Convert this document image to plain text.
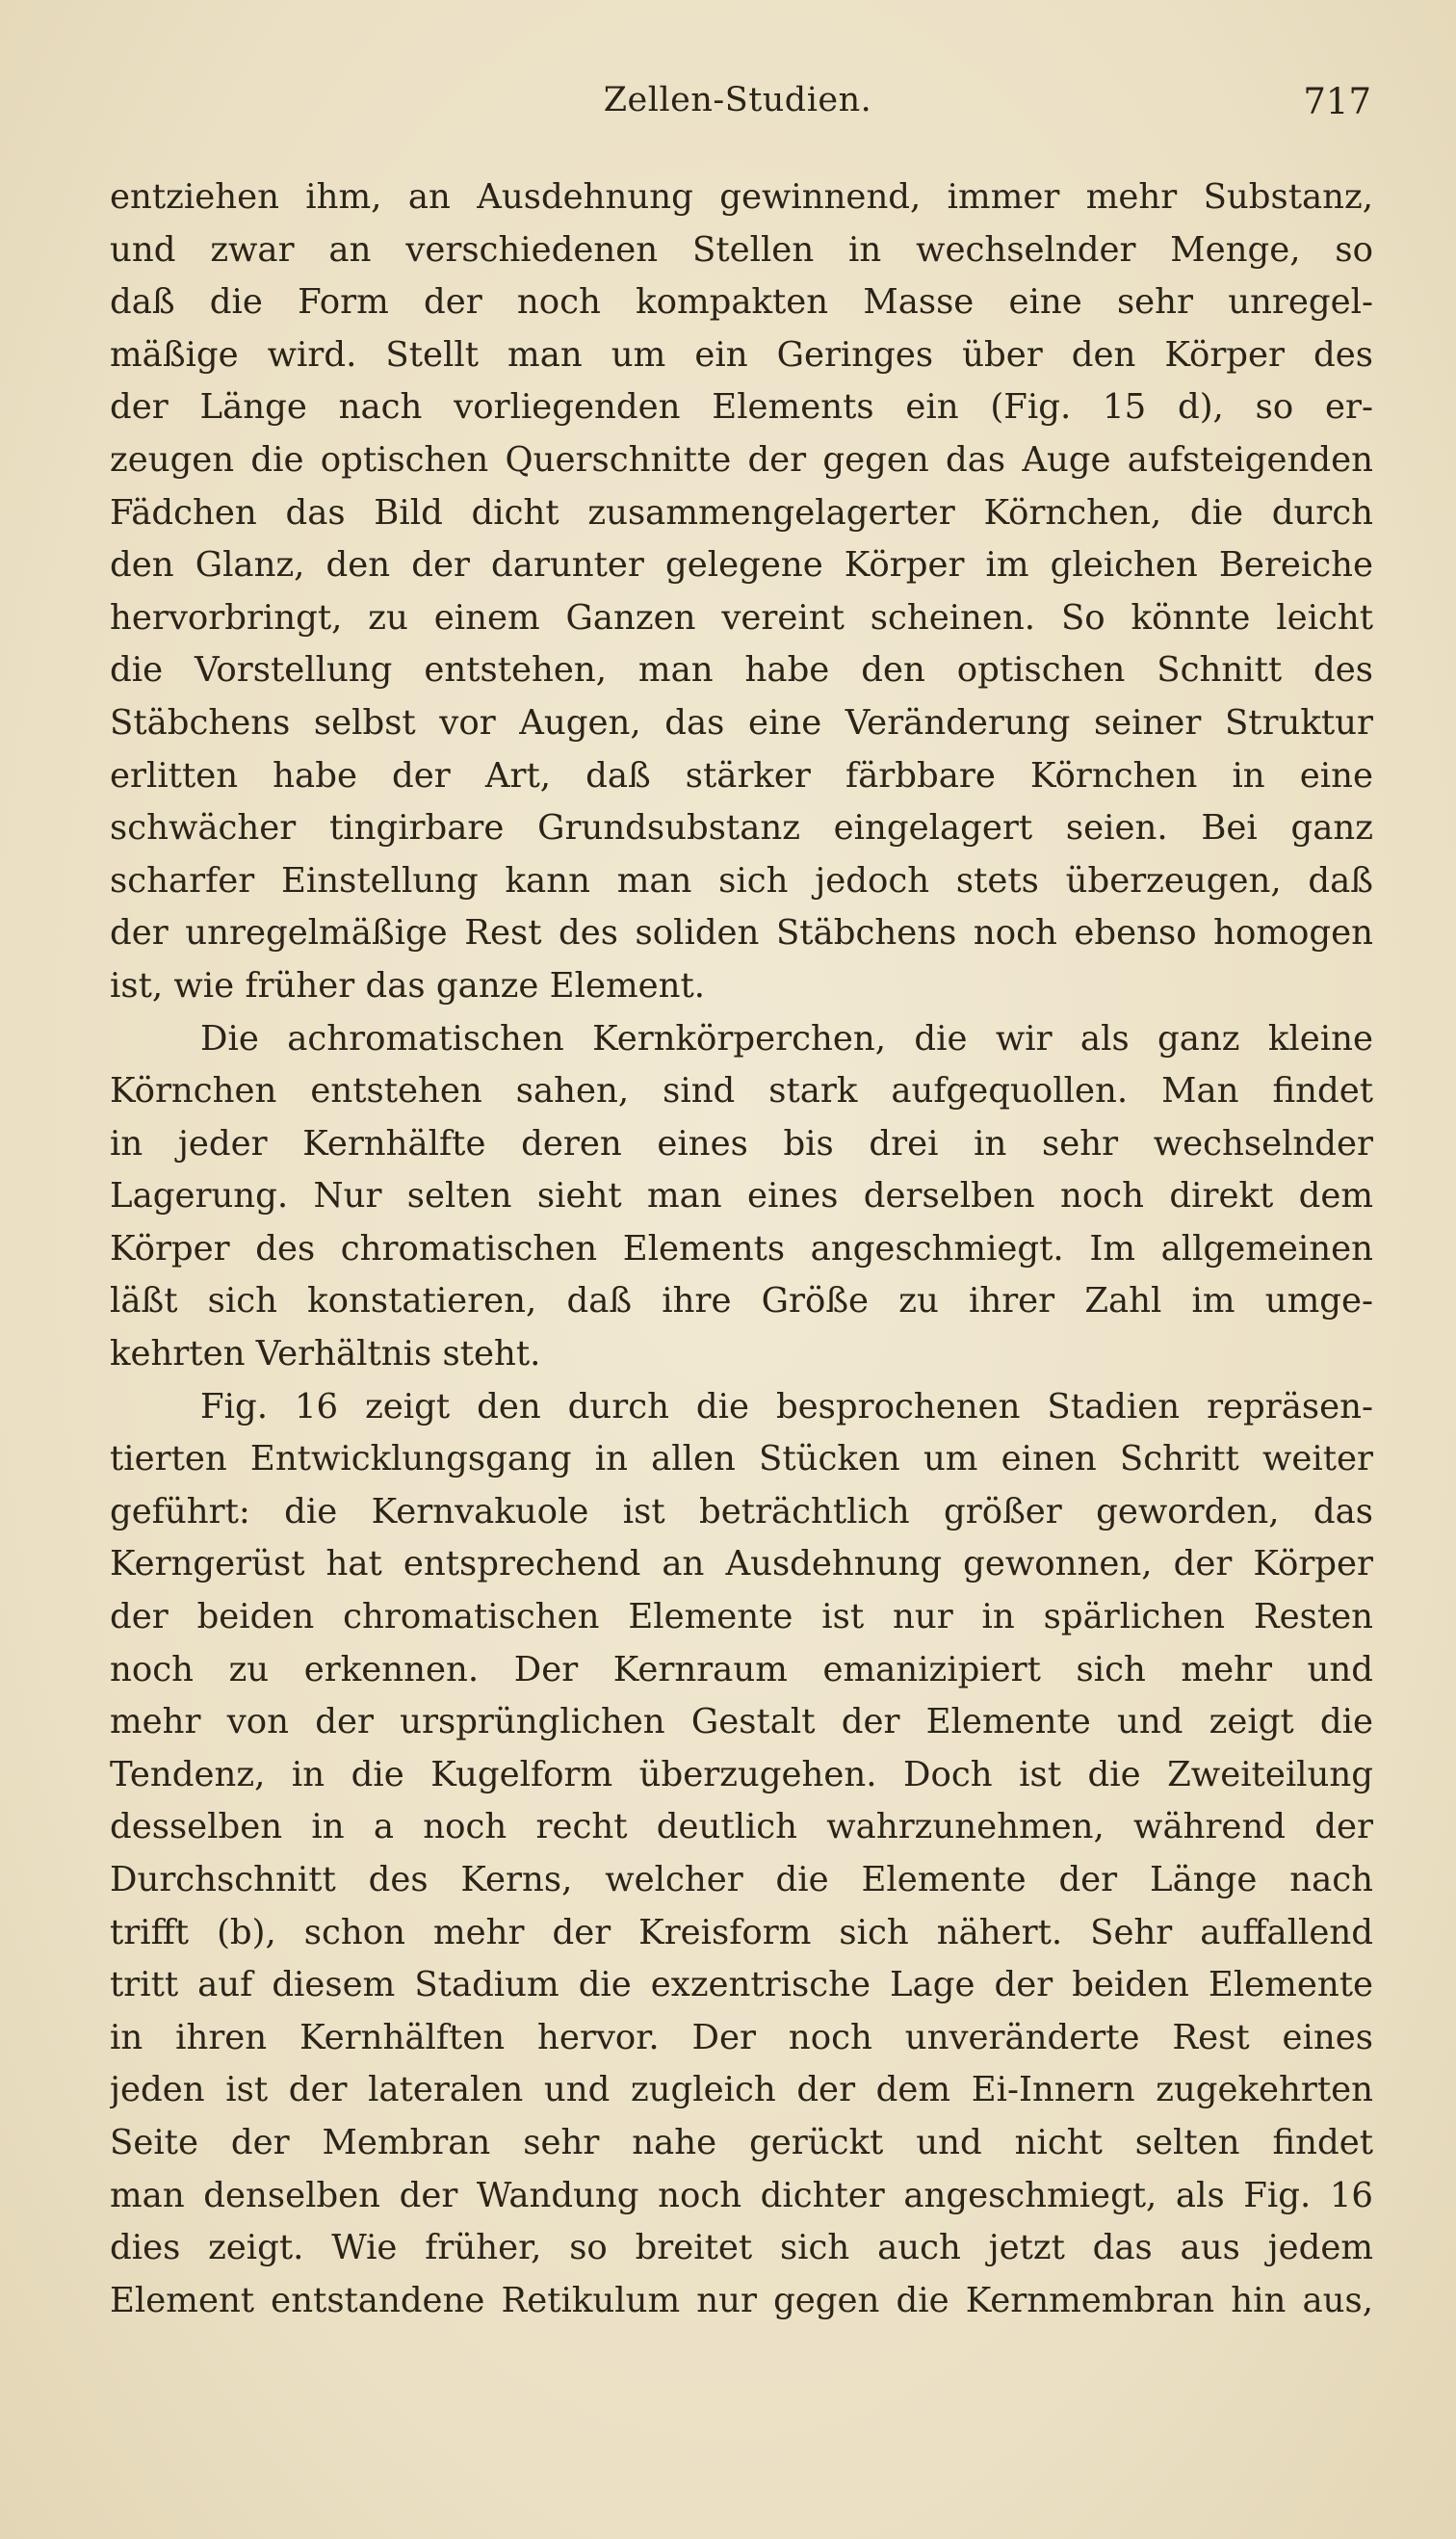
Zellen-Studien.	717
entziehen ihm, an Ausdehnung gewinnend, immer mehr Substanz,
und zwar an verschiedenen Stellen in wechselnder Menge, so
daß die Form der noch kompakten Masse eine sehr unregel-
mäßige wird. Stellt man um ein Geringes über den Körper des
der Länge nach vorliegenden Elements ein (Fig. 15 d), so er-
zeugen die optischen Querschnitte der gegen das Auge aufsteigenden
Fädchen das Bild dicht zusammengelagerter Körnchen, die durch
den Glanz, den der darunter gelegene Körper im gleichen Bereiche
hervorbringt, zu einem Ganzen vereint scheinen. So könnte leicht
die Vorstellung entstehen, man habe den optischen Schnitt des
Stäbchens selbst vor Augen, das eine Veränderung seiner Struktur
erlitten habe der Art, daß stärker färbbare Körnchen in eine
schwächer tingirbare Grundsubstanz eingelagert seien. Bei ganz
scharfer Einstellung kann man sich jedoch stets überzeugen, daß
der unregelmäßige Rest des soliden Stäbchens noch ebenso homogen
ist, wie früher das ganze Element.
Die achromatischen Kernkörperchen, die wir als ganz kleine
Körnchen entstehen sahen, sind stark aufgequollen. Man findet
in jeder Kernhälfte deren eines bis drei in sehr wechselnder
Lagerung. Nur selten sieht man eines derselben noch direkt dem
Körper des chromatischen Elements angeschmiegt. Im allgemeinen
läßt sich konstatieren, daß ihre Größe zu ihrer Zahl im umge-
kehrten Verhältnis steht.
Fig. 16 zeigt den durch die besprochenen Stadien repräsen-
tierten Entwicklungsgang in allen Stücken um einen Schritt weiter
geführt: die Kernvakuole ist beträchtlich größer geworden, das
Kerngerüst hat entsprechend an Ausdehnung gewonnen, der Körper
der beiden chromatischen Elemente ist nur in spärlichen Resten
noch zu erkennen. Der Kernraum emanizipiert sich mehr und
mehr von der ursprünglichen Gestalt der Elemente und zeigt die
Tendenz, in die Kugelform überzugehen. Doch ist die Zweiteilung
desselben in a noch recht deutlich wahrzunehmen, während der
Durchschnitt des Kerns, welcher die Elemente der Länge nach
trifft (b), schon mehr der Kreisform sich nähert. Sehr auffallend
tritt auf diesem Stadium die exzentrische Lage der beiden Elemente
in ihren Kernhälften hervor. Der noch unveränderte Rest eines
jeden ist der lateralen und zugleich der dem Ei-Innern zugekehrten
Seite der Membran sehr nahe gerückt und nicht selten findet
man denselben der Wandung noch dichter angeschmiegt, als Fig. 16
dies zeigt. Wie früher, so breitet sich auch jetzt das aus jedem
Element entstandene Retikulum nur gegen die Kernmembran hin aus,
